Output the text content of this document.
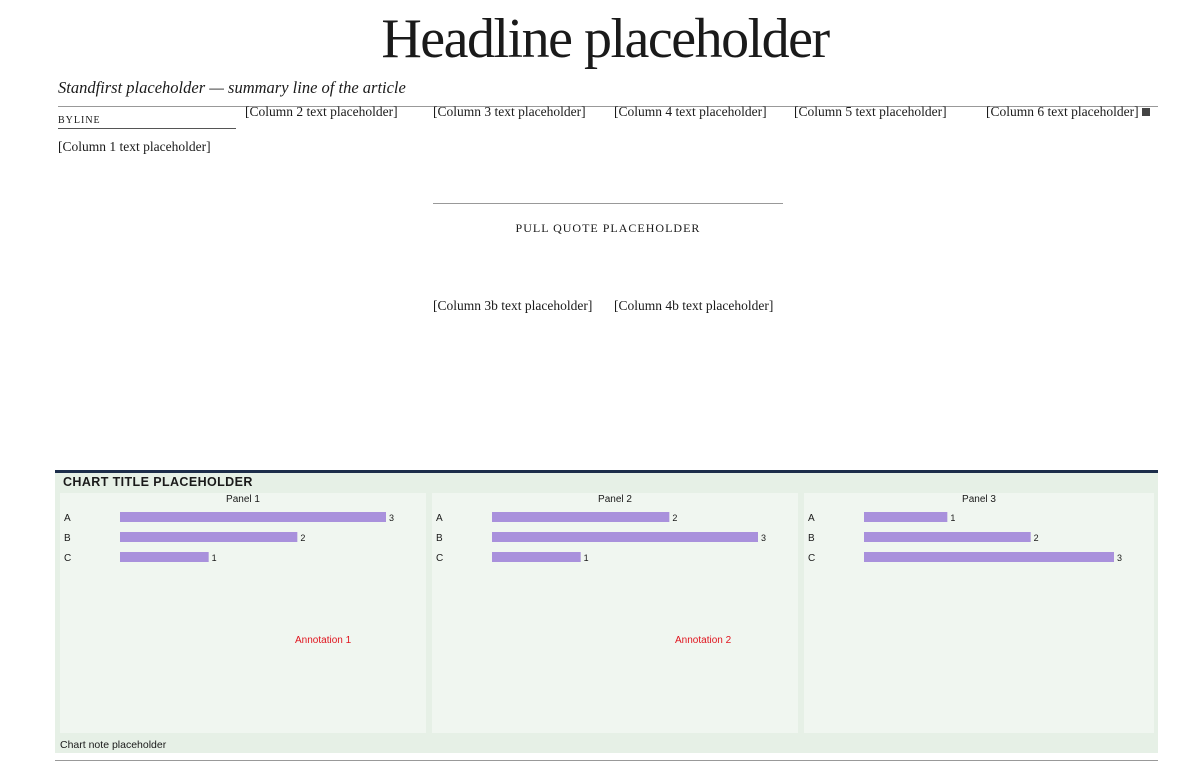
Headline placeholder

Standfirst placeholder — summary line of the article

BYLINE

[Column 1 text placeholder]

[Column 2 text placeholder]	[Column 3 text placeholder]	[Column 4 text placeholder]	[Column 5 text placeholder]	[Column 6 text placeholder]

PULL QUOTE PLACEHOLDER

[Column 3b text placeholder]	[Column 4b text placeholder]

CHART TITLE PLACEHOLDER

Panel 1
A	3
B	2
C	1
Panel 2
A	2
B	3
C	1
Panel 3
A	1
B	2
C	3
Annotation 1	Annotation 2

Chart note placeholder
